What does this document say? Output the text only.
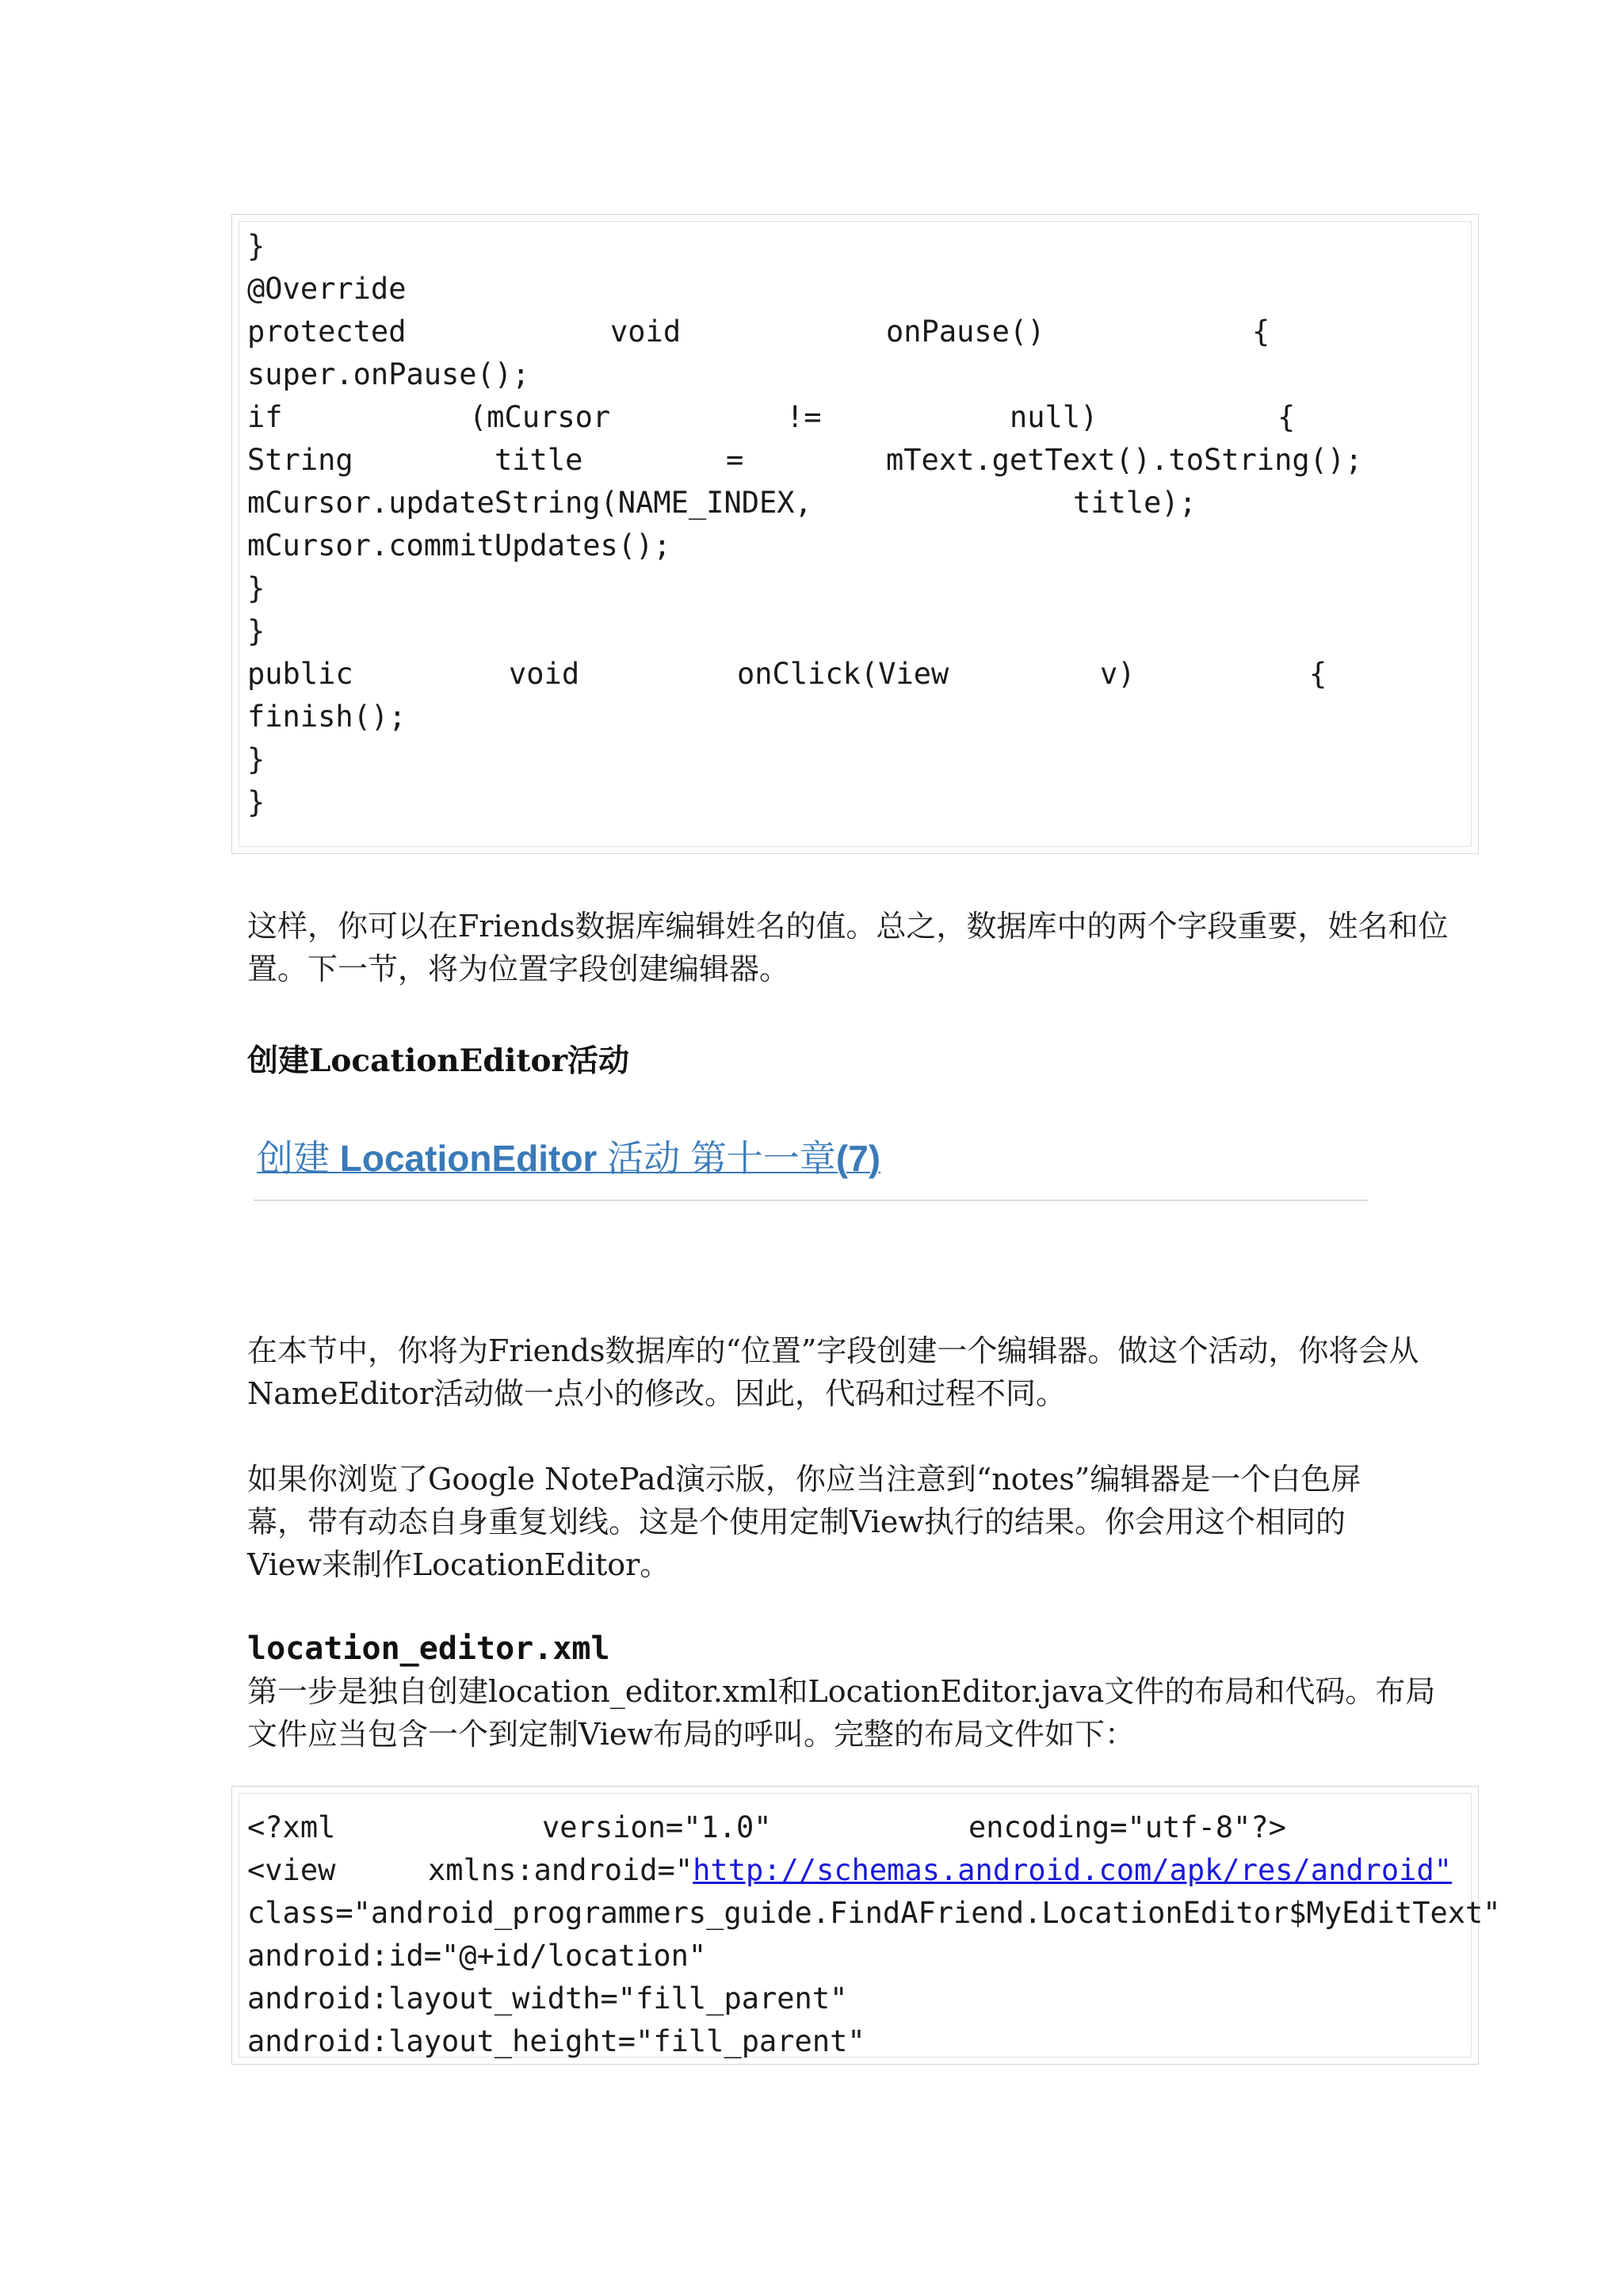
}
@Override
protected	void	onPause()	{
super.onPause();
if	(mCursor	!=	null)	{
String	title	=	mText.getText().toString();
mCursor.updateString(NAME_INDEX,	title);
mCursor.commitUpdates();
}
}
public	void	onClick(View	v)	{
finish();
}
}

这样，你可以在Friends数据库编辑姓名的值。总之，数据库中的两个字段重要，姓名和位置。下一节，将为位置字段创建编辑器。

创建LocationEditor活动
创建 LocationEditor 活动 第十一章(7)

在本节中，你将为Friends数据库的“位置”字段创建一个编辑器。做这个活动，你将会从NameEditor活动做一点小的修改。因此，代码和过程不同。

如果你浏览了Google NotePad演示版，你应当注意到“notes”编辑器是一个白色屏幕，带有动态自身重复划线。这是个使用定制View执行的结果。你会用这个相同的View来制作LocationEditor。

location_editor.xml

第一步是独自创建location_editor.xml和LocationEditor.java文件的布局和代码。布局文件应当包含一个到定制View布局的呼叫。完整的布局文件如下：

<?xml

	version="1.0"

	encoding="utf-8"?>

<view

	xmlns:android="http://schemas.android.com/apk/res/android"

class="android_programmers_guide.FindAFriend.LocationEditor$MyEditText"
android:id="@+id/location"
android:layout_width="fill_parent"
android:layout_height="fill_parent"
